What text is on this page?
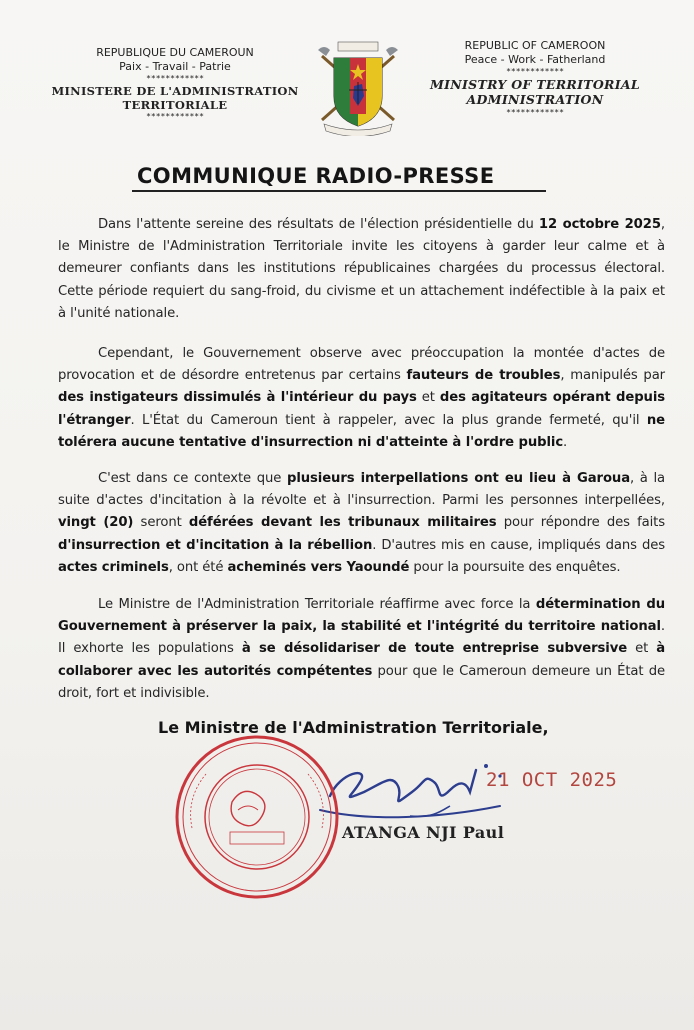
REPUBLIQUE DU CAMEROUN
Paix - Travail - Patrie
************
MINISTERE DE L'ADMINISTRATION
TERRITORIALE
************
REPUBLIC OF CAMEROON
Peace - Work - Fatherland
************
MINISTRY OF TERRITORIAL
ADMINISTRATION
************
COMMUNIQUE RADIO-PRESSE
Dans l'attente sereine des résultats de l'élection présidentielle du 12 octobre 2025, le Ministre de l'Administration Territoriale invite les citoyens à garder leur calme et à demeurer confiants dans les institutions républicaines chargées du processus électoral. Cette période requiert du sang-froid, du civisme et un attachement indéfectible à la paix et à l'unité nationale.
Cependant, le Gouvernement observe avec préoccupation la montée d'actes de provocation et de désordre entretenus par certains fauteurs de troubles, manipulés par des instigateurs dissimulés à l'intérieur du pays et des agitateurs opérant depuis l'étranger. L'État du Cameroun tient à rappeler, avec la plus grande fermeté, qu'il ne tolérera aucune tentative d'insurrection ni d'atteinte à l'ordre public.
C'est dans ce contexte que plusieurs interpellations ont eu lieu à Garoua, à la suite d'actes d'incitation à la révolte et à l'insurrection. Parmi les personnes interpellées, vingt (20) seront déférées devant les tribunaux militaires pour répondre des faits d'insurrection et d'incitation à la rébellion. D'autres mis en cause, impliqués dans des actes criminels, ont été acheminés vers Yaoundé pour la poursuite des enquêtes.
Le Ministre de l'Administration Territoriale réaffirme avec force la détermination du Gouvernement à préserver la paix, la stabilité et l'intégrité du territoire national. Il exhorte les populations à se désolidariser de toute entreprise subversive et à collaborer avec les autorités compétentes pour que le Cameroun demeure un État de droit, fort et indivisible.
Le Ministre de l'Administration Territoriale,
21 OCT 2025
ATANGA NJI Paul
